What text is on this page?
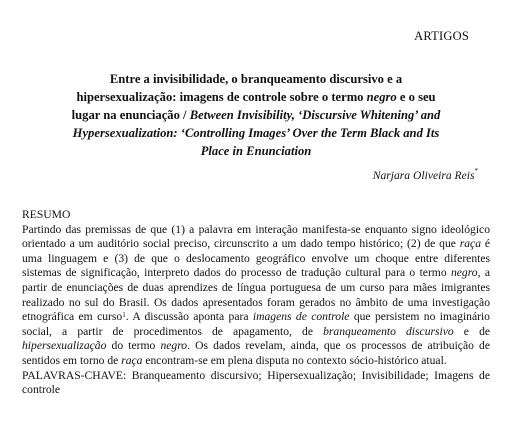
ARTIGOS
Entre a invisibilidade, o branqueamento discursivo e a
hipersexualização: imagens de controle sobre o termo negro e o seu
lugar na enunciação / Between Invisibility, ‘Discursive Whitening’ and
Hypersexualization: ‘Controlling Images’ Over the Term Black and Its
Place in Enunciation
Narjara Oliveira Reis*

RESUMO

Partindo das premissas de que (1) a palavra em interação manifesta-se enquanto signo ideológico orientado a um auditório social preciso, circunscrito a um dado tempo histórico; (2) de que raça é uma linguagem e (3) de que o deslocamento geográfico envolve um choque entre diferentes sistemas de significação, interpreto dados do processo de tradução cultural para o termo negro, a partir de enunciações de duas aprendizes de língua portuguesa de um curso para mães imigrantes realizado no sul do Brasil. Os dados apresentados foram gerados no âmbito de uma investigação etnográfica em curso$^1$. A discussão aponta para imagens de controle que persistem no imaginário social, a partir de procedimentos de apagamento, de branqueamento discursivo e de hipersexualização do termo negro. Os dados revelam, ainda, que os processos de atribuição de sentidos em torno de raça encontram-se em plena disputa no contexto sócio-histórico atual.

PALAVRAS-CHAVE: Branqueamento discursivo; Hipersexualização; Invisibilidade; Imagens de controle
